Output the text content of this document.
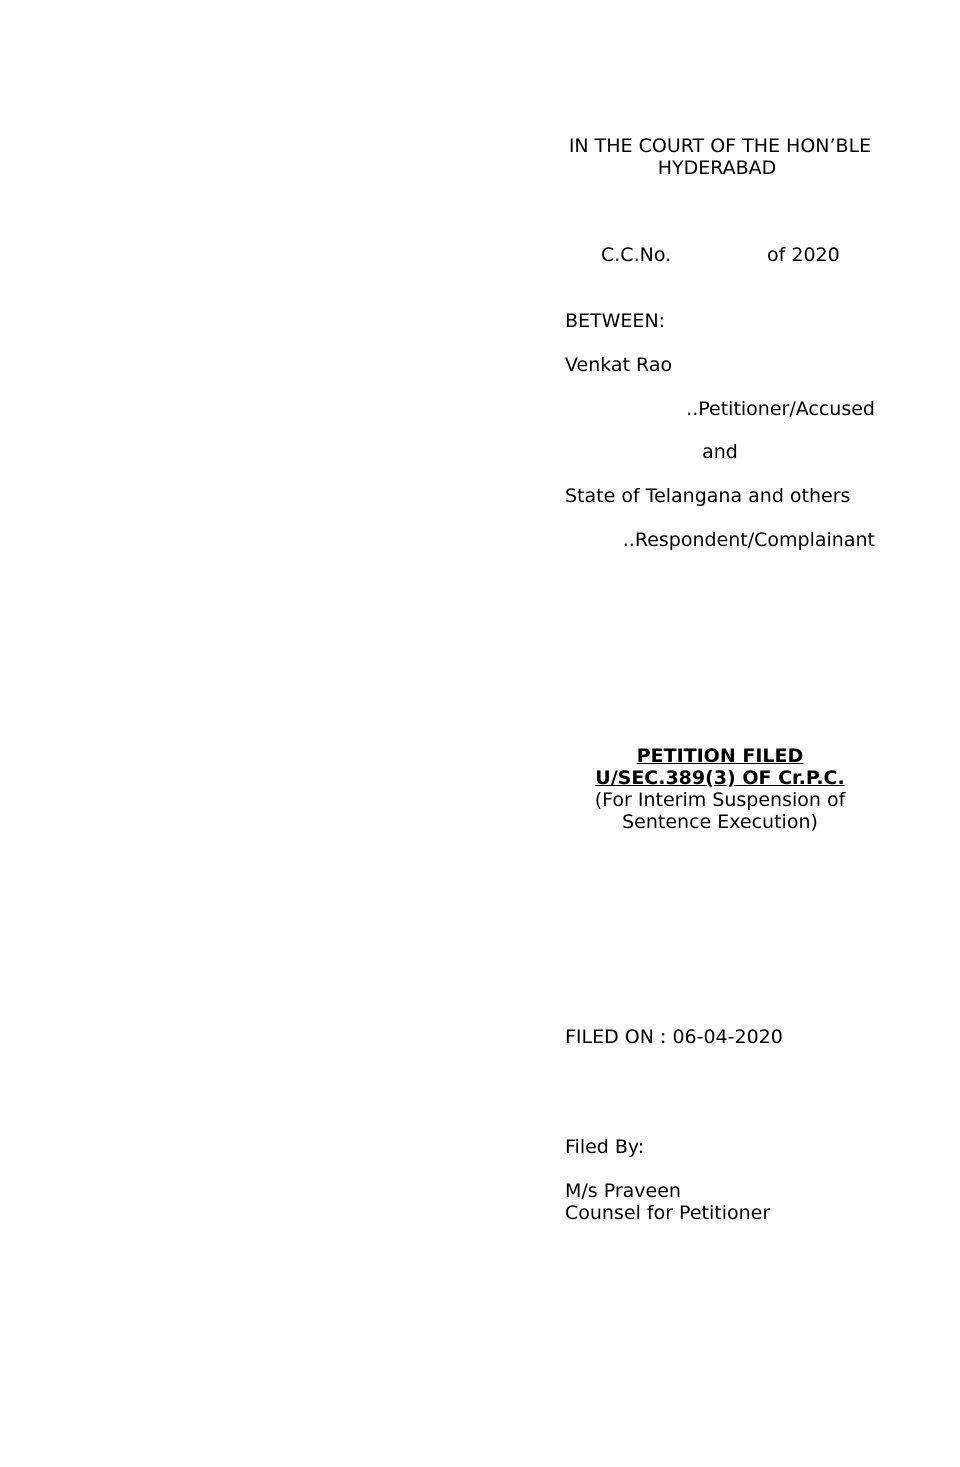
IN THE COURT OF THE HON’BLE
HYDERABAD
C.C.No.	of 2020
BETWEEN:
Venkat Rao
..Petitioner/Accused
and
State of Telangana and others
..Respondent/Complainant
PETITION FILED
U/SEC.389(3) OF Cr.P.C.
(For Interim Suspension of
Sentence Execution)
FILED ON : 06-04-2020
Filed By:
M/s Praveen
Counsel for Petitioner
